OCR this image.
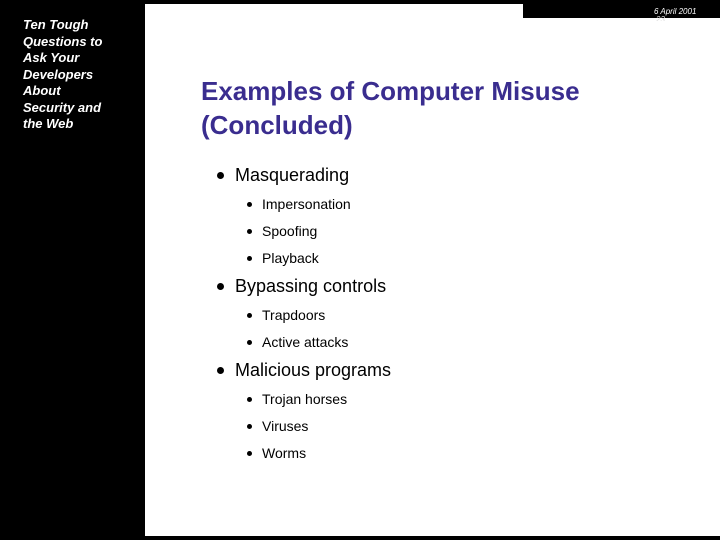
Ten Tough
Questions to
Ask Your
Developers
About
Security and
the Web
6 April 2001
23
Examples of Computer Misuse
(Concluded)
Masquerading
Impersonation
Spoofing
Playback
Bypassing controls
Trapdoors
Active attacks
Malicious programs
Trojan horses
Viruses
Worms
